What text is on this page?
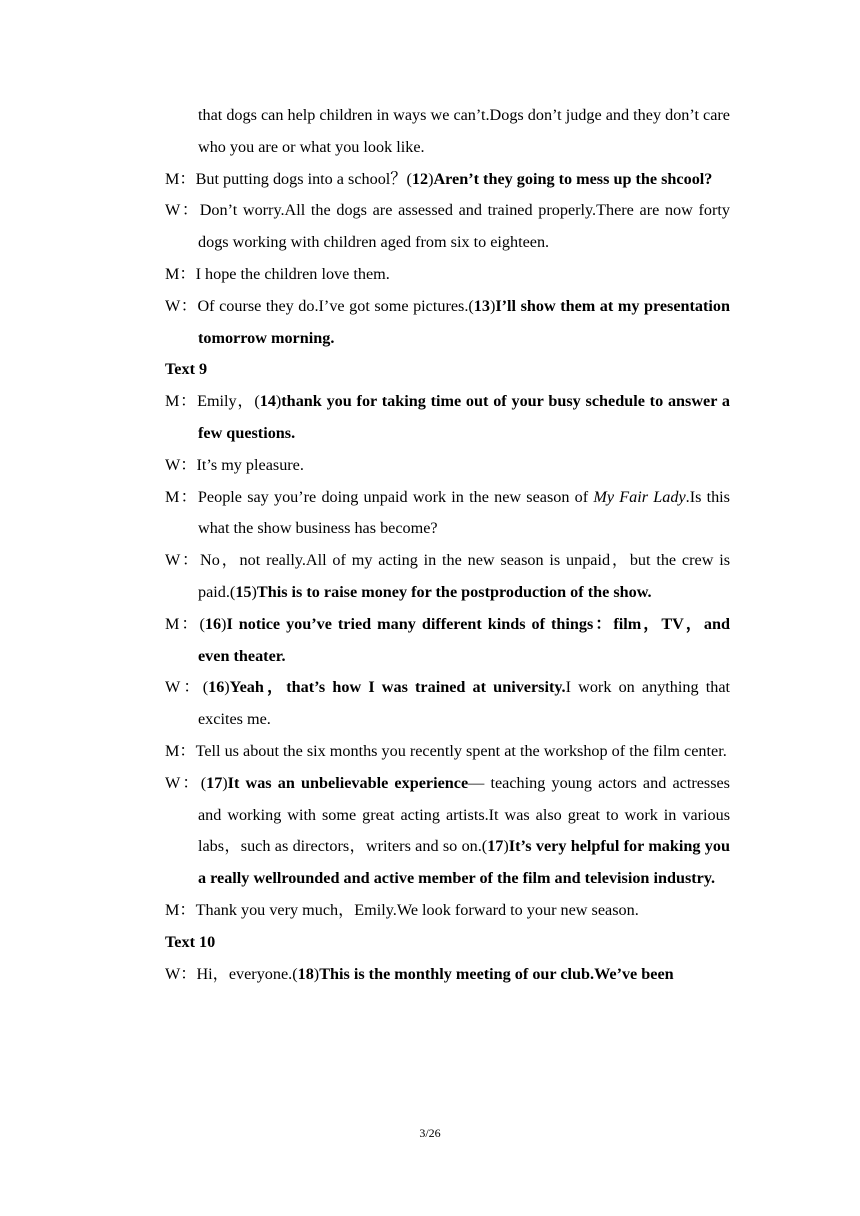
that dogs can help children in ways we can’t.Dogs don’t judge and they don’t care who you are or what you look like.

M：But putting dogs into a school？(12)Aren’t they going to mess up the shcool?

W：Don’t worry.All the dogs are assessed and trained properly.There are now forty dogs working with children aged from six to eighteen.

M：I hope the children love them.

W：Of course they do.I’ve got some pictures.(13)I’ll show them at my presentation tomorrow morning.

Text 9

M：Emily，(14)thank you for taking time out of your busy schedule to answer a few questions.

W：It’s my pleasure.

M：People say you’re doing unpaid work in the new season of My Fair Lady.Is this what the show business has become?

W：No，not really.All of my acting in the new season is unpaid，but the crew is paid.(15)This is to raise money for the postproduction of the show.

M：(16)I notice you’ve tried many different kinds of things：film，TV，and even theater.

W：(16)Yeah，that’s how I was trained at university.I work on anything that excites me.

M：Tell us about the six months you recently spent at the workshop of the film center.

W：(17)It was an unbelievable experience— teaching young actors and actresses and working with some great acting artists.It was also great to work in various labs，such as directors，writers and so on.(17)It’s very helpful for making you a really wellrounded and active member of the film and television industry.

M：Thank you very much，Emily.We look forward to your new season.

Text 10

W：Hi，everyone.(18)This is the monthly meeting of our club.We’ve been

3/26
